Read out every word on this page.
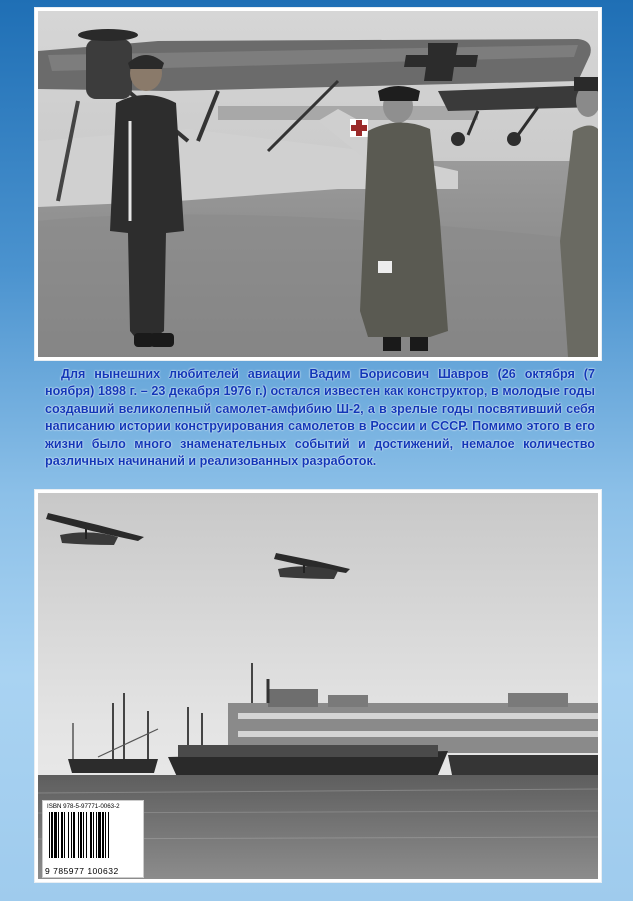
Для нынешних любителей авиации Вадим Борисович Шавров (26 октября (7 ноября) 1898 г. – 23 декабря 1976 г.) остался известен как конструктор, в молодые годы создавший великолепный самолет-амфибию Ш-2, а в зрелые годы посвятивший себя написанию истории конструирования самолетов в России и СССР. Помимо этого в его жизни было много знаменательных событий и достижений, немалое количество различных начинаний и реализованных разработок.

ISBN 978-5-97771-0063-2
9 785977 100632
